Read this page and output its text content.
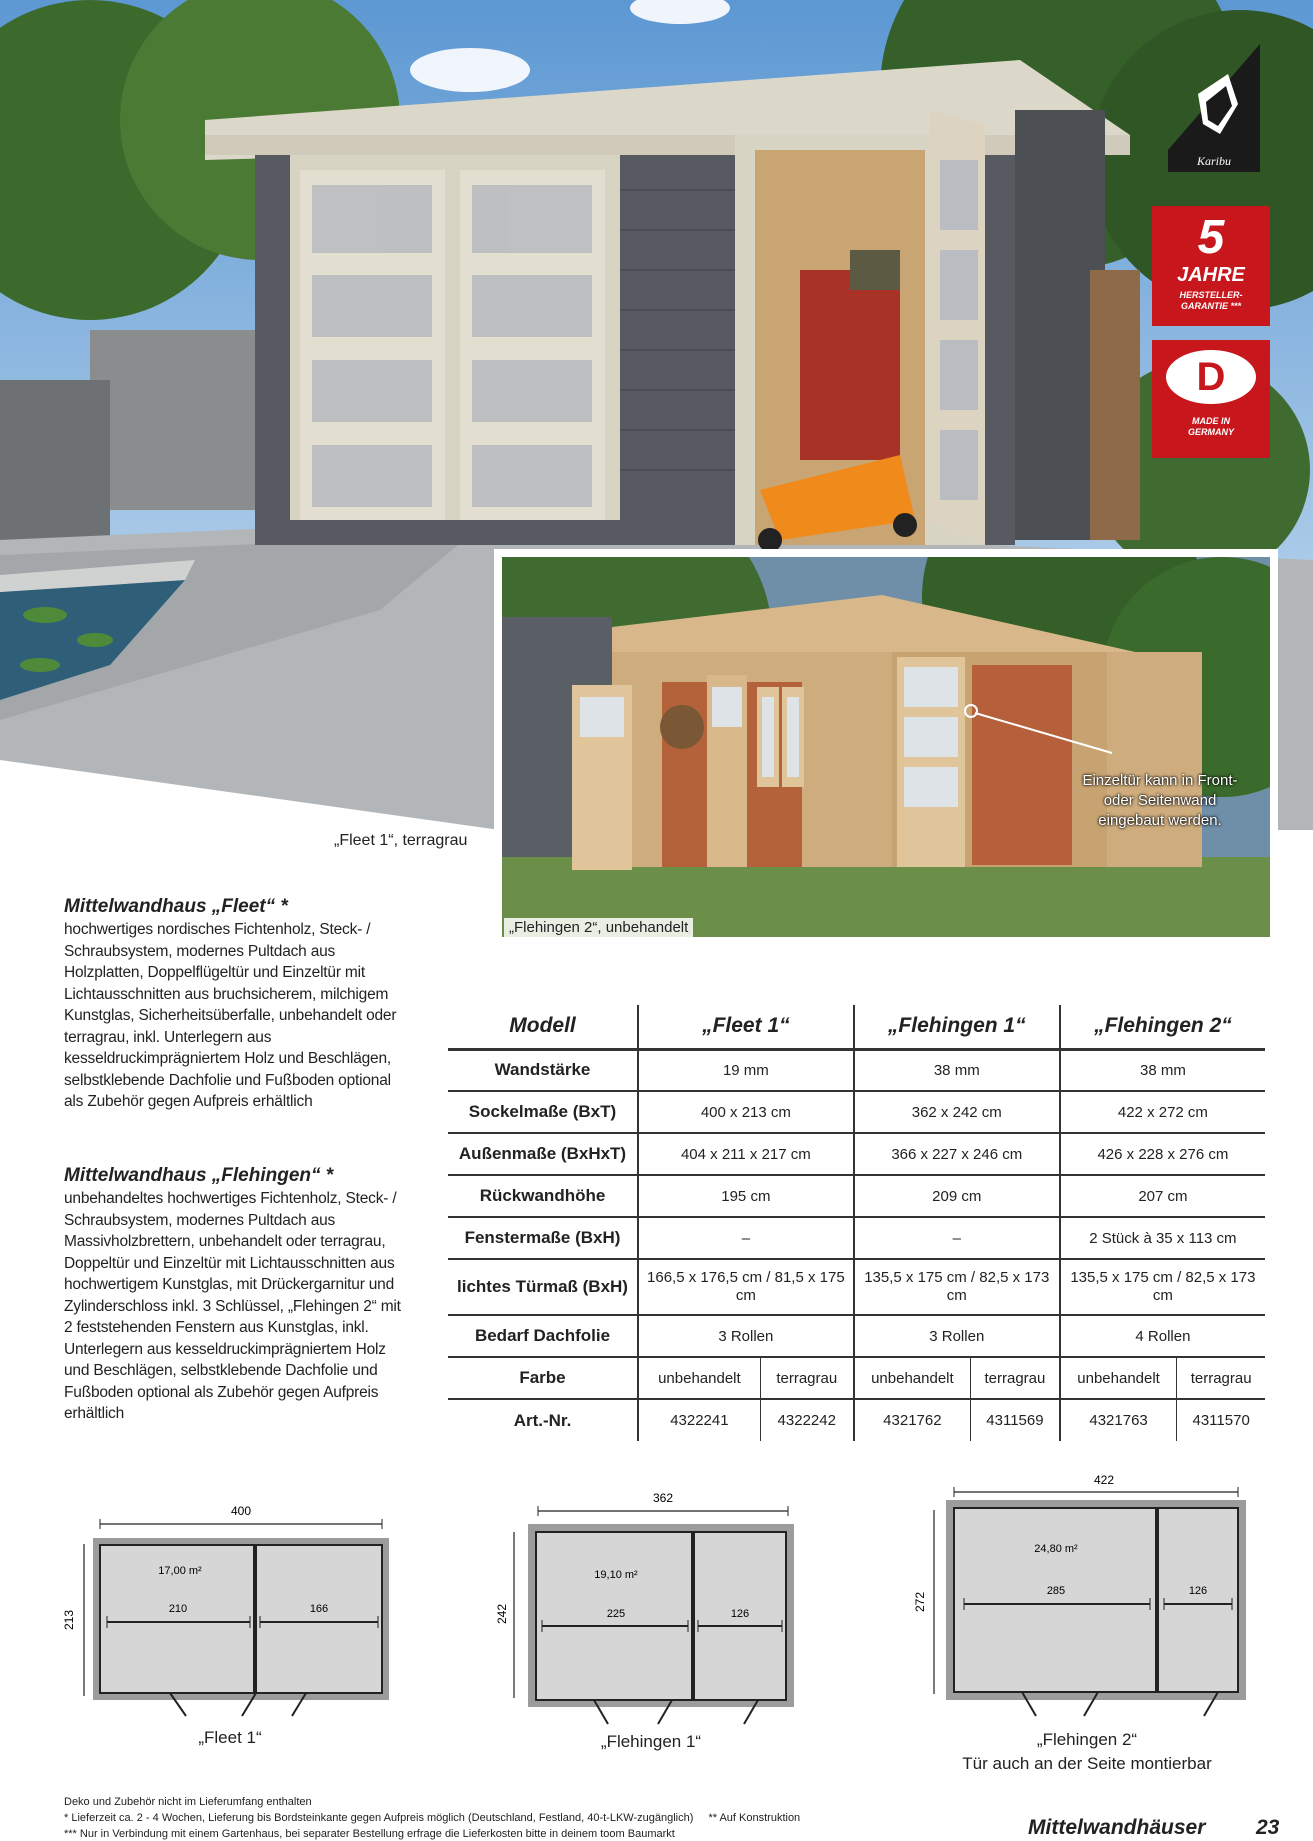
Karibu
5
JAHRE
HERSTELLER-
GARANTIE ***
D
MADE IN
GERMANY
„Fleet 1“, terragrau
Einzeltür kann in Front- oder Seitenwand eingebaut werden.
„Flehingen 2“, unbehandelt
Mittelwandhaus „Fleet“ *
hochwertiges nordisches Fichtenholz, Steck- / Schraubsystem, modernes Pultdach aus Holzplatten, Doppelflügeltür und Einzeltür mit Lichtausschnitten aus bruchsicherem, milchigem Kunstglas, Sicherheitsüberfalle, unbehandelt oder terragrau, inkl. Unterlegern aus kesseldruckimprägniertem Holz und Beschlägen, selbstklebende Dachfolie und Fußboden optional als Zubehör gegen Aufpreis erhältlich
Mittelwandhaus „Flehingen“ *
unbehandeltes hochwertiges Fichtenholz, Steck- / Schraubsystem, modernes Pultdach aus Massivholzbrettern, unbehandelt oder terragrau, Doppeltür und Einzeltür mit Lichtausschnitten aus hochwertigem Kunstglas, mit Drückergarnitur und Zylinderschloss inkl. 3 Schlüssel, „Flehingen 2“ mit 2 feststehenden Fenstern aus Kunstglas, inkl. Unterlegern aus kesseldruckimprägniertem Holz und Beschlägen, selbstklebende Dachfolie und Fußboden optional als Zubehör gegen Aufpreis erhältlich
Modell	„Fleet 1“		„Flehingen 1“		„Flehingen 2“	
Wandstärke	19 mm		38 mm		38 mm	
Sockelmaße (BxT)	400 x 213 cm		362 x 242 cm		422 x 272 cm	
Außenmaße (BxHxT)	404 x 211 x 217 cm		366 x 227 x 246 cm		426 x 228 x 276 cm	
Rückwandhöhe	195 cm		209 cm		207 cm	
Fenstermaße (BxH)	–		–		2 Stück à 35 x 113 cm	
lichtes Türmaß (BxH)	166,5 x 176,5 cm / 81,5 x 175 cm		135,5 x 175 cm / 82,5 x 173 cm		135,5 x 175 cm / 82,5 x 173 cm	
Bedarf Dachfolie	3 Rollen		3 Rollen		4 Rollen	
Farbe	unbehandelt	terragrau	unbehandelt	terragrau	unbehandelt	terragrau
Art.-Nr.	4322241	4322242	4321762	4311569	4321763	4311570
400
213
17,00 m²
210	166
„Fleet 1“
362
242
19,10 m²
225	126
„Flehingen 1“
422
272
24,80 m²
285	126
„Flehingen 2“
Tür auch an der Seite montierbar
Deko und Zubehör nicht im Lieferumfang enthalten
* Lieferzeit ca. 2 - 4 Wochen, Lieferung bis Bordsteinkante gegen Aufpreis möglich (Deutschland, Festland, 40-t-LKW-zugänglich) ** Auf Konstruktion
*** Nur in Verbindung mit einem Gartenhaus, bei separater Bestellung erfrage die Lieferkosten bitte in deinem toom Baumarkt	Mittelwandhäuser 23
